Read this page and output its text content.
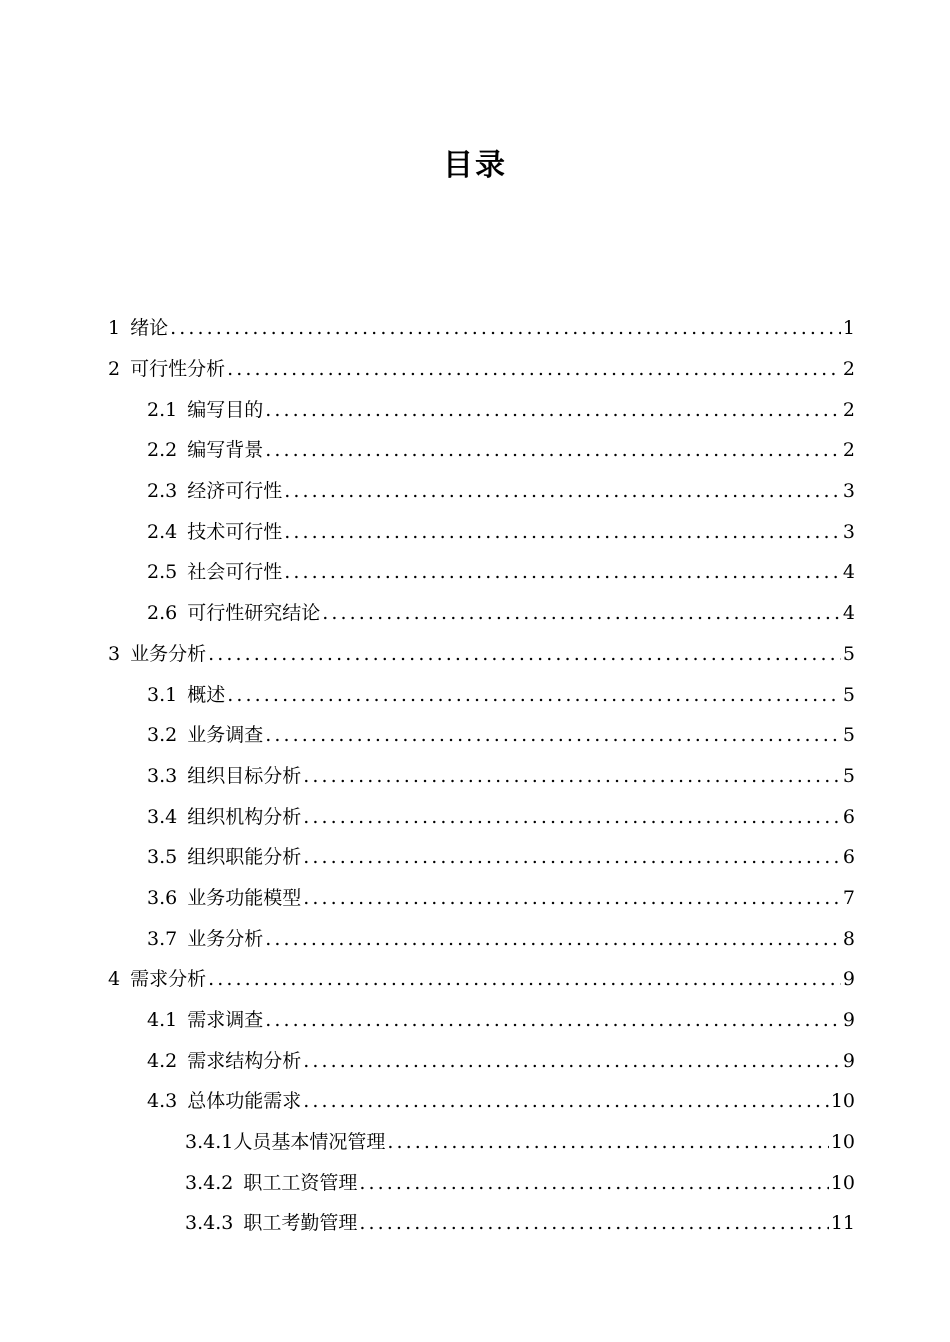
目录
1 绪论 .....	1
2 可行性分析 .....	2
2.1 编写目的 .....	2
2.2 编写背景 .....	2
2.3 经济可行性 .....	3
2.4 技术可行性 .....	3
2.5 社会可行性 .....	4
2.6 可行性研究结论 .....	4
3 业务分析 .....	5
3.1 概述 .....	5
3.2 业务调查 .....	5
3.3 组织目标分析 .....	5
3.4 组织机构分析 .....	6
3.5 组织职能分析 .....	6
3.6 业务功能模型 .....	7
3.7 业务分析 .....	8
4 需求分析 .....	9
4.1 需求调查 .....	9
4.2 需求结构分析 .....	9
4.3 总体功能需求 .....	10
3.4.1 人员基本情况管理 .....	10
3.4.2 职工工资管理 .....	10
3.4.3 职工考勤管理 .....	11
